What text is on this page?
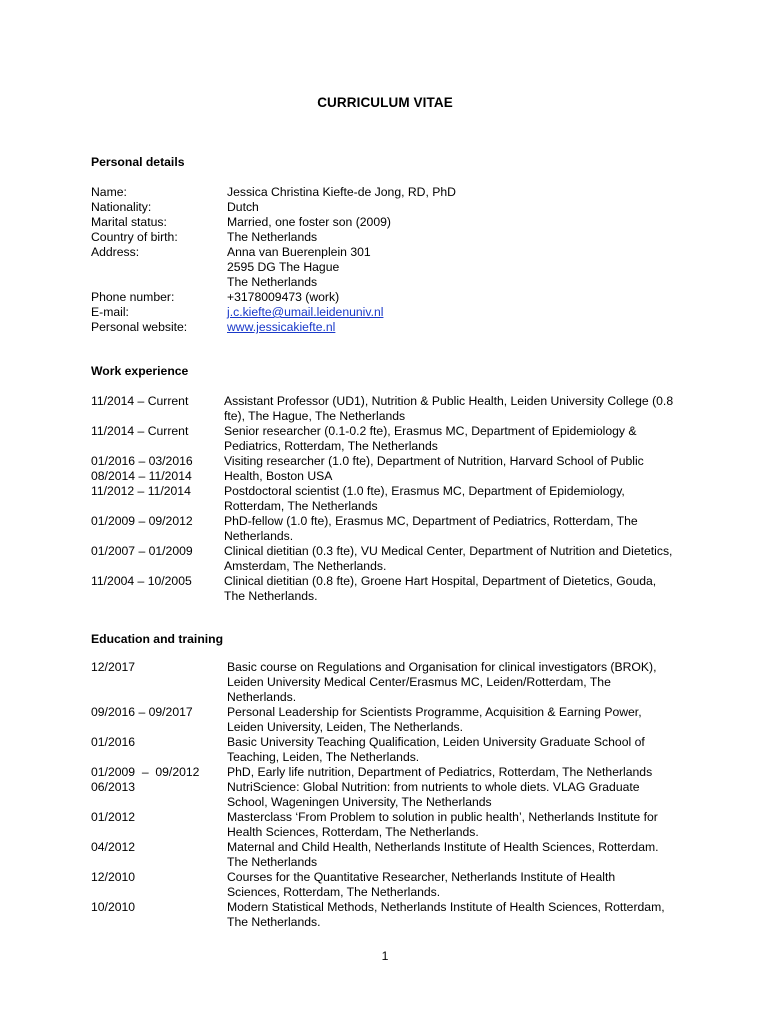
CURRICULUM VITAE
Personal details
Name:	Jessica Christina Kiefte-de Jong, RD, PhD
Nationality:	Dutch
Marital status:	Married, one foster son (2009)
Country of birth:	The Netherlands
Address:	Anna van Buerenplein 301
2595 DG The Hague
The Netherlands
Phone number:	+3178009473 (work)
E-mail:	j.c.kiefte@umail.leidenuniv.nl
Personal website:	www.jessicakiefte.nl
Work experience
11/2014 – Current	Assistant Professor (UD1), Nutrition & Public Health, Leiden University College (0.8
fte), The Hague, The Netherlands
11/2014 – Current	Senior researcher (0.1-0.2 fte), Erasmus MC, Department of Epidemiology &
Pediatrics, Rotterdam, The Netherlands
01/2016 – 03/2016	Visiting researcher (1.0 fte), Department of Nutrition, Harvard School of Public
08/2014 – 11/2014	Health, Boston USA
11/2012 – 11/2014	Postdoctoral scientist (1.0 fte), Erasmus MC, Department of Epidemiology,
Rotterdam, The Netherlands
01/2009 – 09/2012	PhD-fellow (1.0 fte), Erasmus MC, Department of Pediatrics, Rotterdam, The
Netherlands.
01/2007 – 01/2009	Clinical dietitian (0.3 fte), VU Medical Center, Department of Nutrition and Dietetics,
Amsterdam, The Netherlands.
11/2004 – 10/2005	Clinical dietitian (0.8 fte), Groene Hart Hospital, Department of Dietetics, Gouda,
The Netherlands.
Education and training
12/2017	Basic course on Regulations and Organisation for clinical investigators (BROK),
Leiden University Medical Center/Erasmus MC, Leiden/Rotterdam, The
Netherlands.
09/2016 – 09/2017	Personal Leadership for Scientists Programme, Acquisition & Earning Power,
Leiden University, Leiden, The Netherlands.
01/2016	Basic University Teaching Qualification, Leiden University Graduate School of
Teaching, Leiden, The Netherlands.
01/2009  –  09/2012	PhD, Early life nutrition, Department of Pediatrics, Rotterdam, The Netherlands
06/2013	NutriScience: Global Nutrition: from nutrients to whole diets. VLAG Graduate
School, Wageningen University, The Netherlands
01/2012	Masterclass ‘From Problem to solution in public health’, Netherlands Institute for
Health Sciences, Rotterdam, The Netherlands.
04/2012	Maternal and Child Health, Netherlands Institute of Health Sciences, Rotterdam.
The Netherlands
12/2010	Courses for the Quantitative Researcher, Netherlands Institute of Health
Sciences, Rotterdam, The Netherlands.
10/2010	Modern Statistical Methods, Netherlands Institute of Health Sciences, Rotterdam,
The Netherlands.
1
